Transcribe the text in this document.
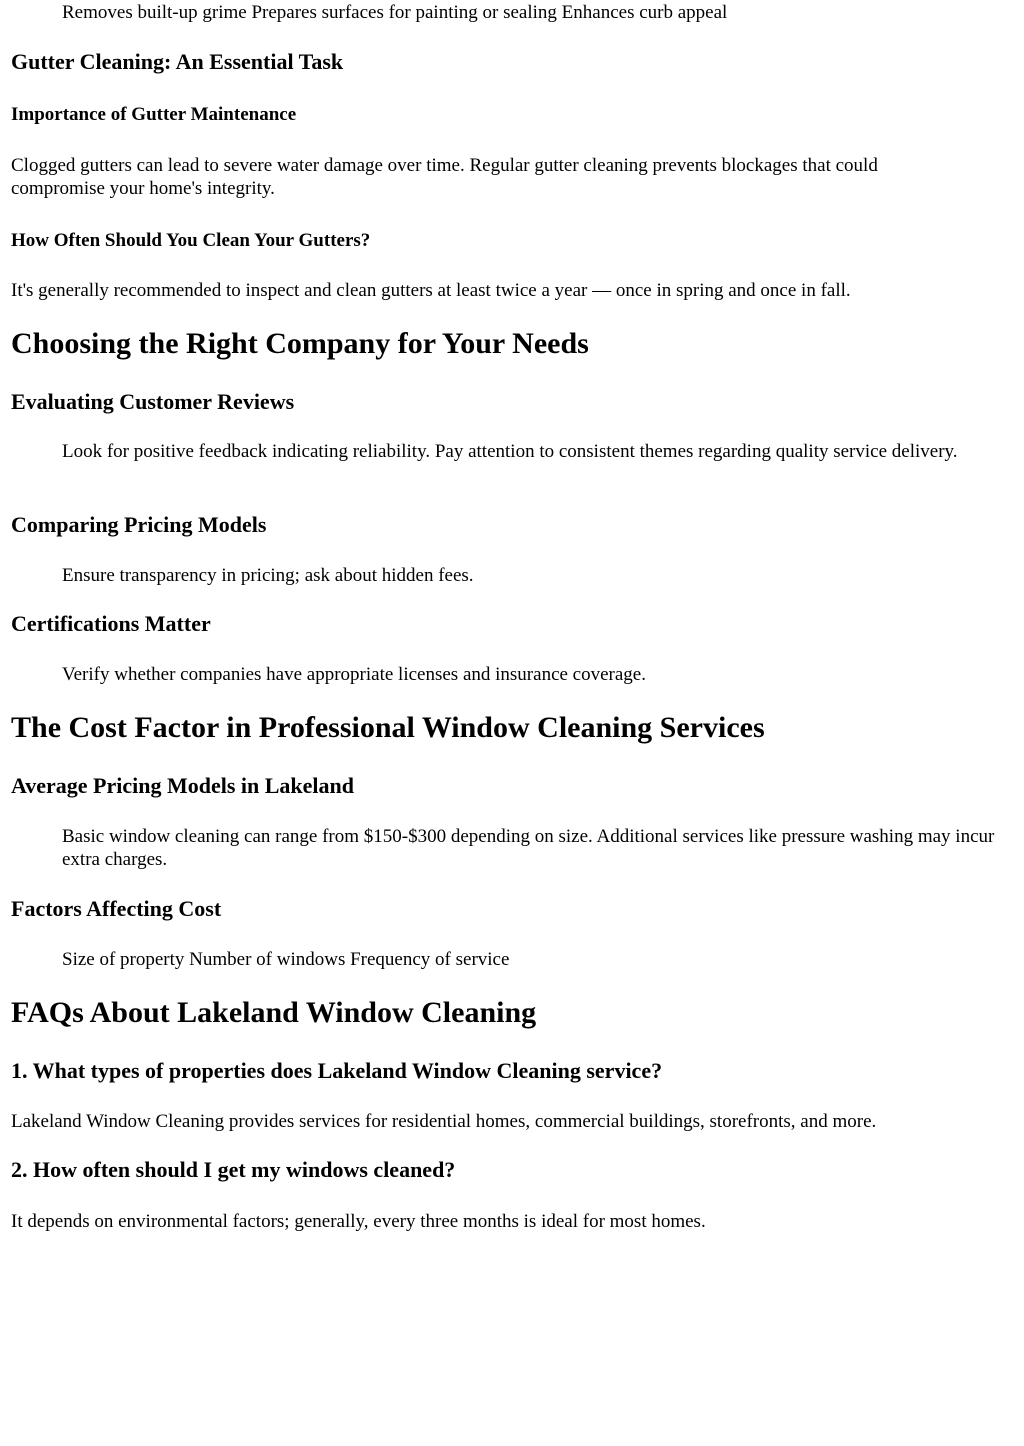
Removes built-up grime Prepares surfaces for painting or sealing Enhances curb appeal

Gutter Cleaning: An Essential Task
Importance of Gutter Maintenance

Clogged gutters can lead to severe water damage over time. Regular gutter cleaning prevents blockages that could compromise your home's integrity.

How Often Should You Clean Your Gutters?

It's generally recommended to inspect and clean gutters at least twice a year — once in spring and once in fall.

Choosing the Right Company for Your Needs
Evaluating Customer Reviews

Look for positive feedback indicating reliability. Pay attention to consistent themes regarding quality service delivery.

Comparing Pricing Models

Ensure transparency in pricing; ask about hidden fees.

Certifications Matter

Verify whether companies have appropriate licenses and insurance coverage.

The Cost Factor in Professional Window Cleaning Services
Average Pricing Models in Lakeland

Basic window cleaning can range from $150-$300 depending on size. Additional services like pressure washing may incur extra charges.

Factors Affecting Cost

Size of property Number of windows Frequency of service

FAQs About Lakeland Window Cleaning
1. What types of properties does Lakeland Window Cleaning service?

Lakeland Window Cleaning provides services for residential homes, commercial buildings, storefronts, and more.

2. How often should I get my windows cleaned?

It depends on environmental factors; generally, every three months is ideal for most homes.
